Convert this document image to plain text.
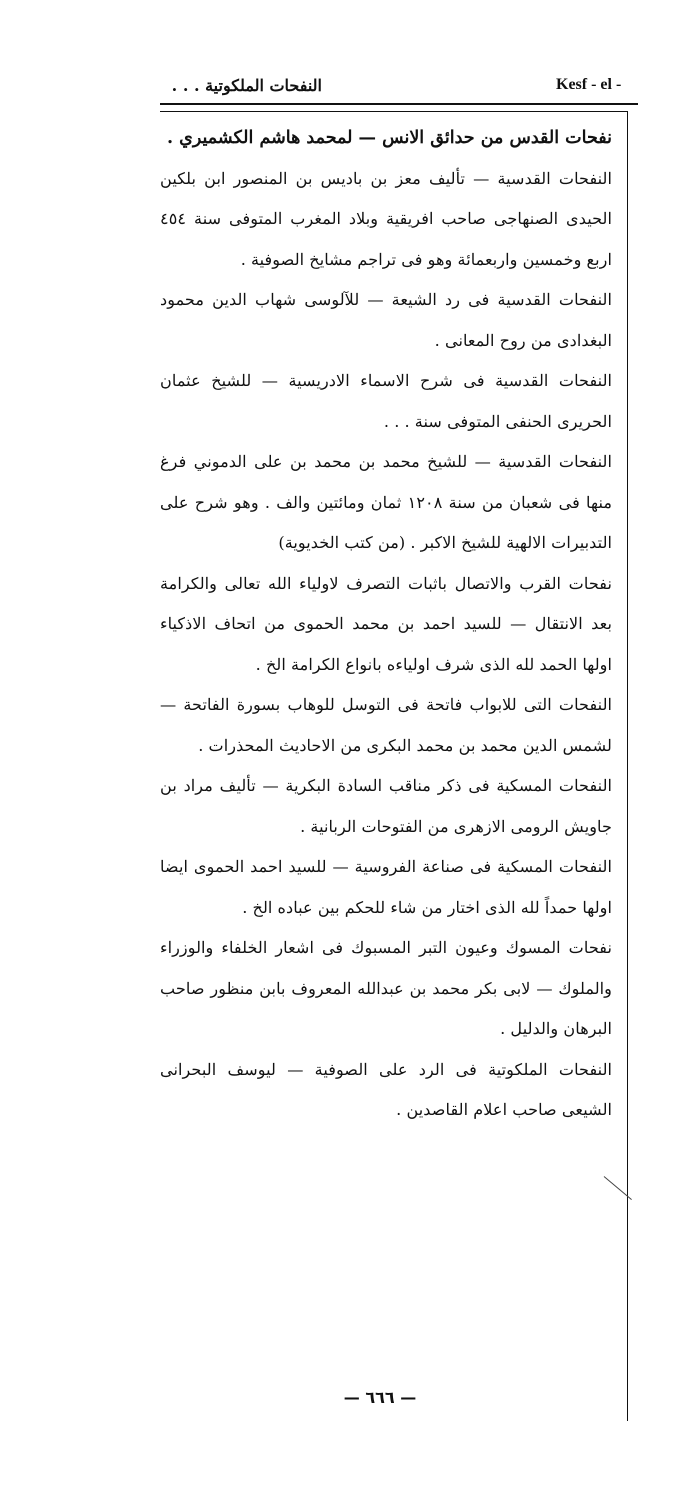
النفحات الملكوتية . . .	Kesf - el -

نفحات القدس من حدائق الانس — لمحمد هاشم الكشميري .

النفحات القدسية — تأليف معز بن باديس بن المنصور ابن بلكين الحيدى الصنهاجى صاحب افريقية وبلاد المغرب المتوفى سنة ٤٥٤ اربع وخمسين واربعمائة وهو فى تراجم مشايخ الصوفية .

النفحات القدسية فى رد الشيعة — للآلوسى شهاب الدين محمود البغدادى من روح المعانى .

النفحات القدسية فى شرح الاسماء الادريسية — للشيخ عثمان الحريرى الحنفى المتوفى سنة . . .

النفحات القدسية — للشيخ محمد بن محمد بن على الدموني فرغ منها فى شعبان من سنة ١٢٠٨ ثمان ومائتين والف . وهو شرح على التدبيرات الالهية للشيخ الاكبر . (من كتب الخديوية)

نفحات القرب والاتصال باثبات التصرف لاولياء الله تعالى والكرامة بعد الانتقال — للسيد احمد بن محمد الحموى من اتحاف الاذكياء اولها الحمد لله الذى شرف اولياءه بانواع الكرامة الخ .

النفحات التى للابواب فاتحة فى التوسل للوهاب بسورة الفاتحة — لشمس الدين محمد بن محمد البكرى من الاحاديث المحذرات .

النفحات المسكية فى ذكر مناقب السادة البكرية — تأليف مراد بن جاويش الرومى الازهرى من الفتوحات الربانية .

النفحات المسكية فى صناعة الفروسية — للسيد احمد الحموى ايضا اولها حمداً لله الذى اختار من شاء للحكم بين عباده الخ .

نفحات المسوك وعيون التبر المسبوك فى اشعار الخلفاء والوزراء والملوك — لابى بكر محمد بن عبدالله المعروف بابن منظور صاحب البرهان والدليل .

النفحات الملكوتية فى الرد على الصوفية — ليوسف البحرانى الشيعى صاحب اعلام القاصدين .

— ٦٦٦ —
